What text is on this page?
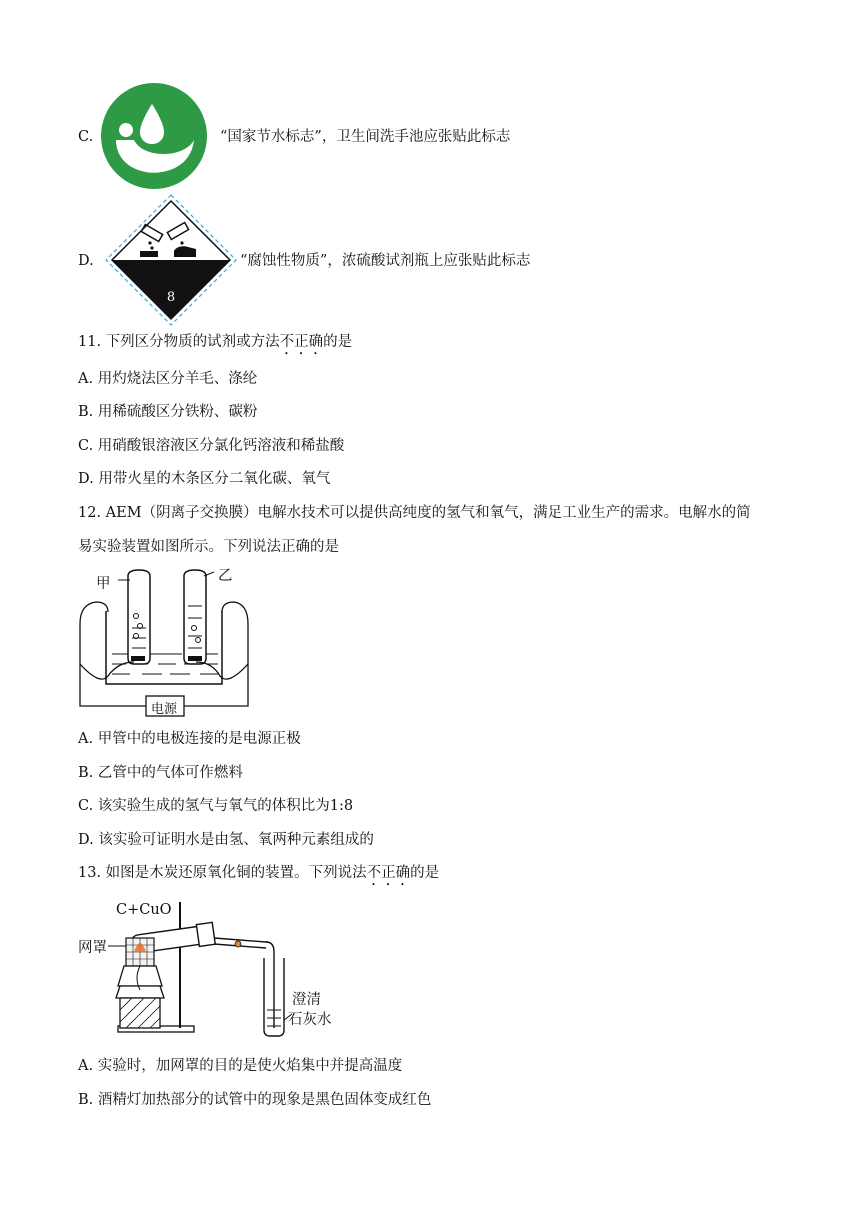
C.	“国家节水标志”，卫生间洗手池应张贴此标志
D.
8
“腐蚀性物质”，浓硫酸试剂瓶上应张贴此标志
11. 下列区分物质的试剂或方法不正确的是
A. 用灼烧法区分羊毛、涤纶
B. 用稀硫酸区分铁粉、碳粉
C. 用硝酸银溶液区分氯化钙溶液和稀盐酸
D. 用带火星的木条区分二氧化碳、氧气
12. AEM（阴离子交换膜）电解水技术可以提供高纯度的氢气和氧气，满足工业生产的需求。电解水的简
易实验装置如图所示。下列说法正确的是
甲	乙
电源
A. 甲管中的电极连接的是电源正极
B. 乙管中的气体可作燃料
C. 该实验生成的氢气与氧气的体积比为1:8
D. 该实验可证明水是由氢、氧两种元素组成的
13. 如图是木炭还原氧化铜的装置。下列说法不正确的是
C+CuO
网罩
澄清
石灰水
A. 实验时，加网罩的目的是使火焰集中并提高温度
B. 酒精灯加热部分的试管中的现象是黑色固体变成红色
